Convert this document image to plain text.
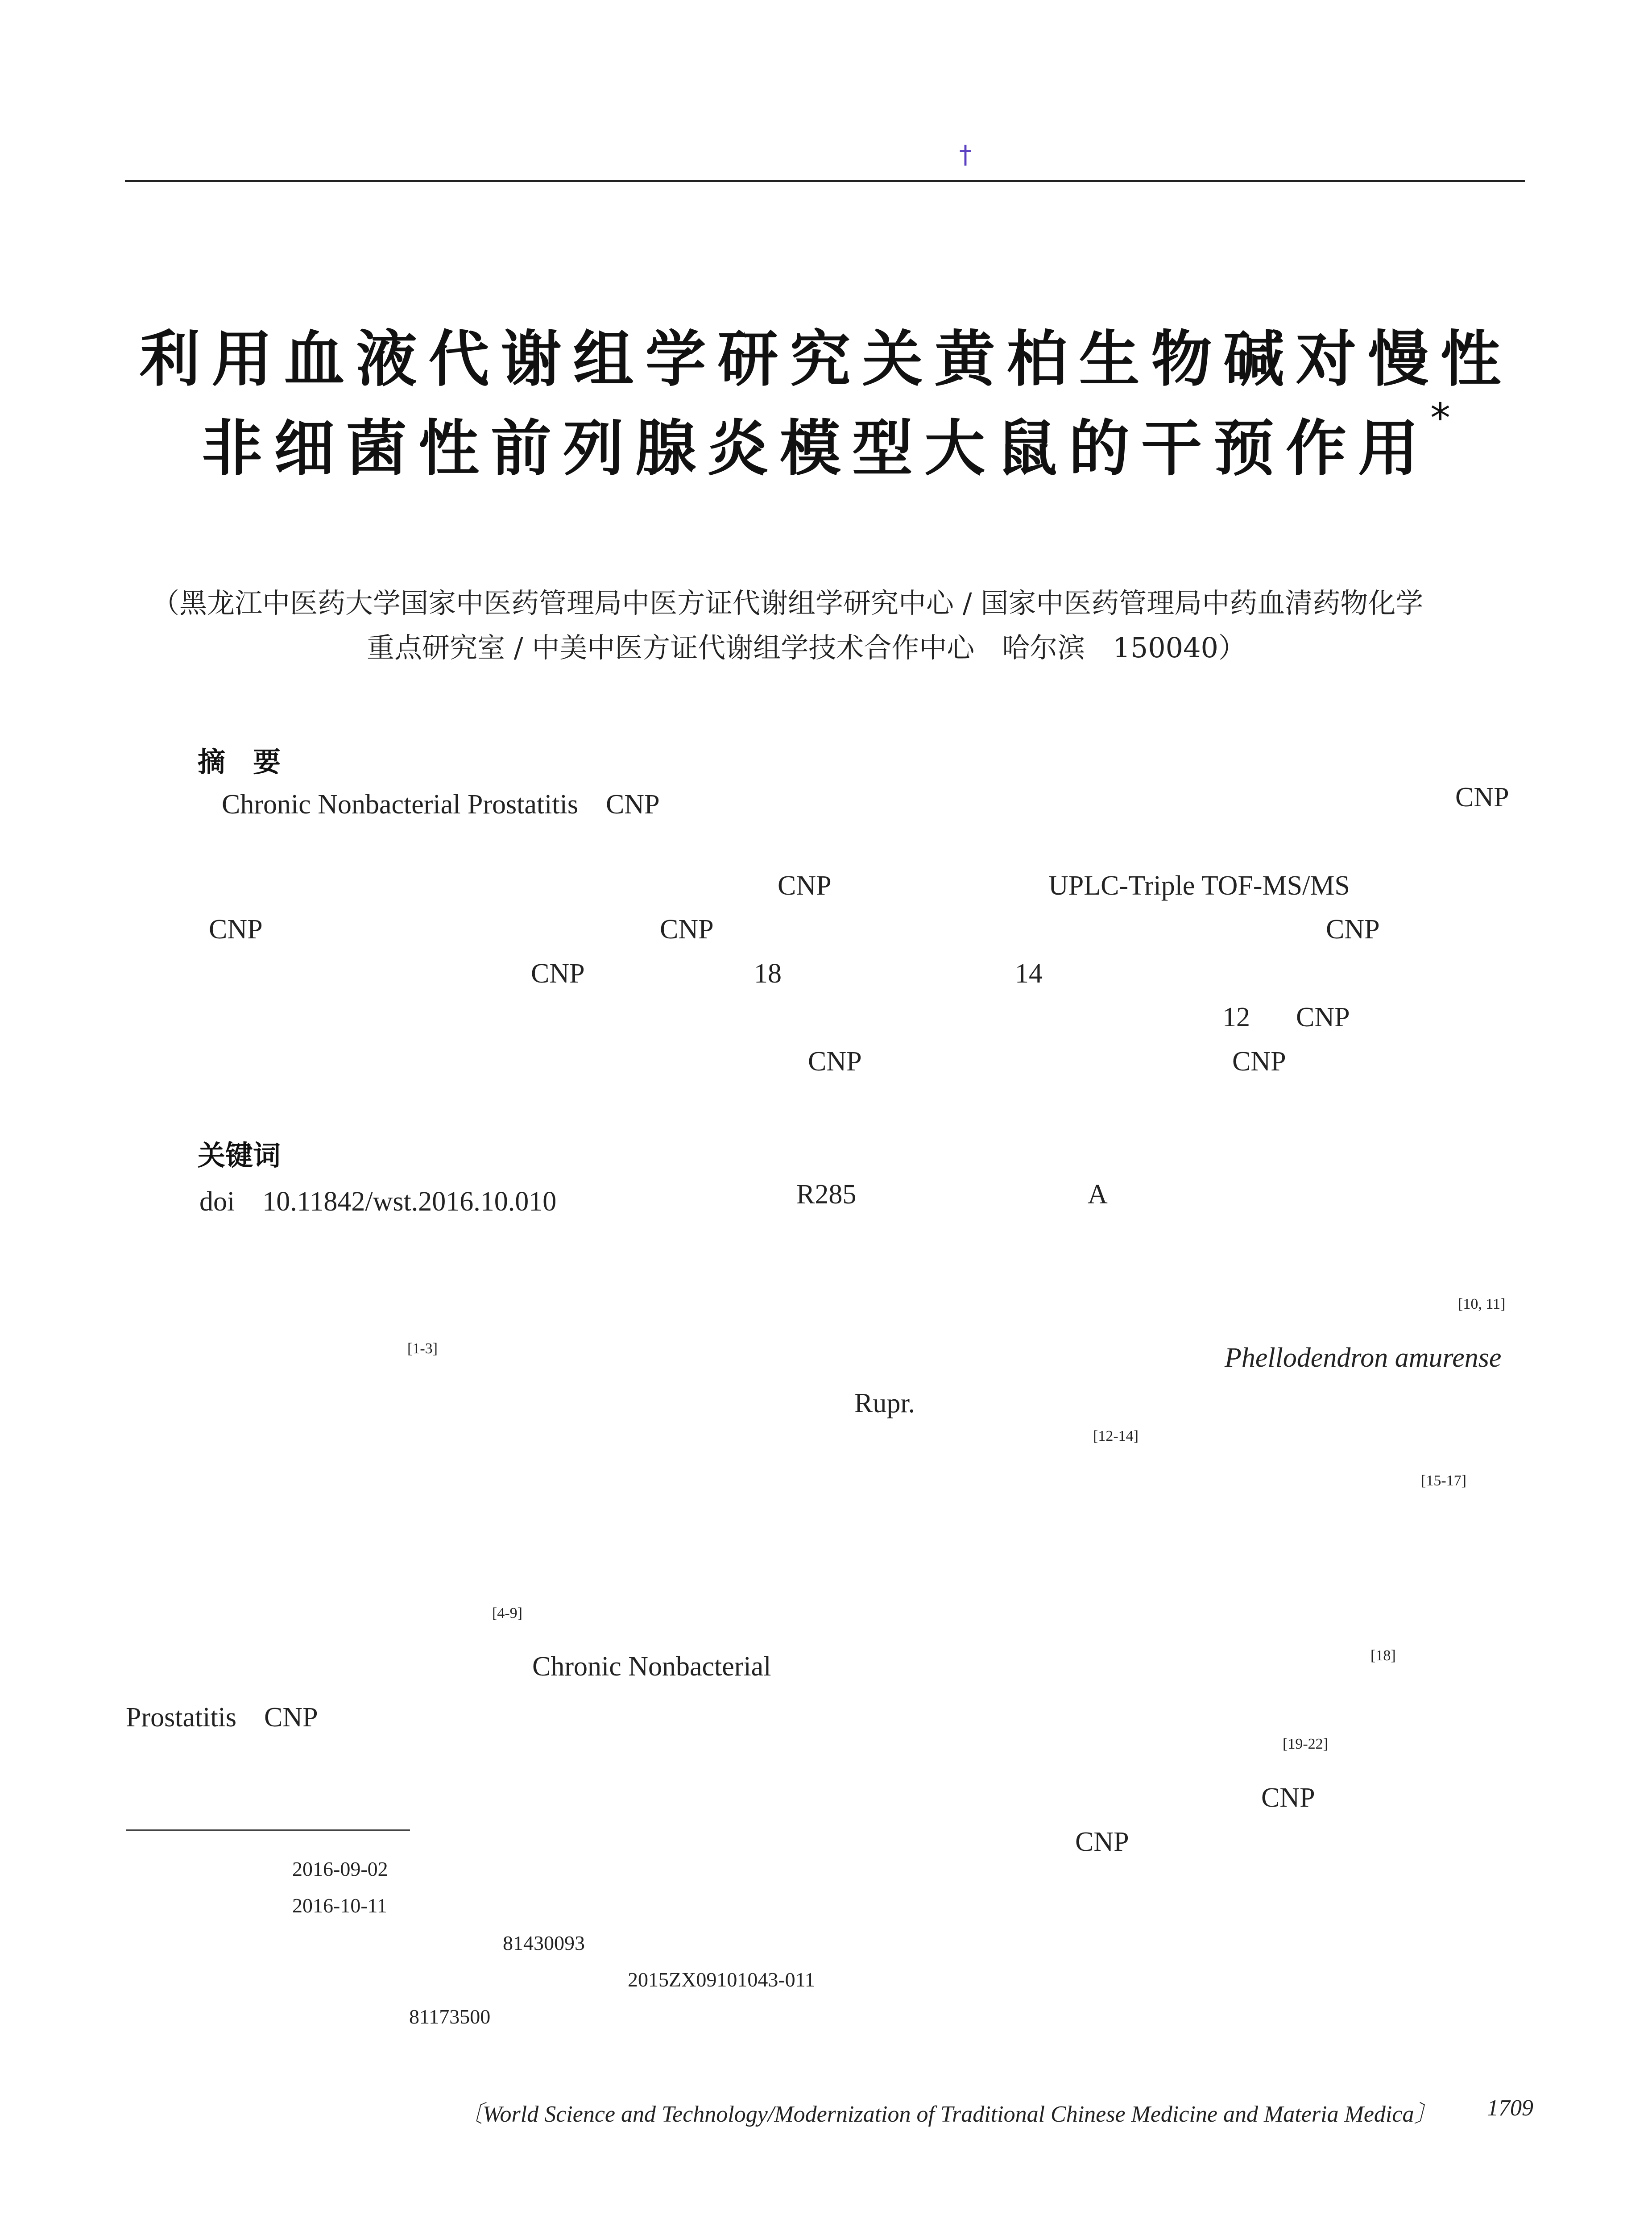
†
利用血液代谢组学研究关黄柏生物碱对慢性
非细菌性前列腺炎模型大鼠的干预作用*
（黑龙江中医药大学国家中医药管理局中医方证代谢组学研究中心 / 国家中医药管理局中药血清药物化学
重点研究室 / 中美中医方证代谢组学技术合作中心　哈尔滨　150040）
摘　要
Chronic Nonbacterial Prostatitis　CNP	CNP
CNP	UPLC-Triple TOF-MS/MS
CNP	CNP	CNP
CNP	18	14
12 CNP
CNP	CNP
关键词
doi　10.11842/wst.2016.10.010	R285	A
[10, 11]
[1-3]	Phellodendron amurense
Rupr.
[12-14]
[15-17]
[4-9]
Chronic Nonbacterial	[18]
Prostatitis　CNP
[19-22]
CNP
CNP
2016-09-02
2016-10-11
81430093
2015ZX09101043-011
81173500
〔World Science and Technology/Modernization of Traditional Chinese Medicine and Materia Medica〕 1709
